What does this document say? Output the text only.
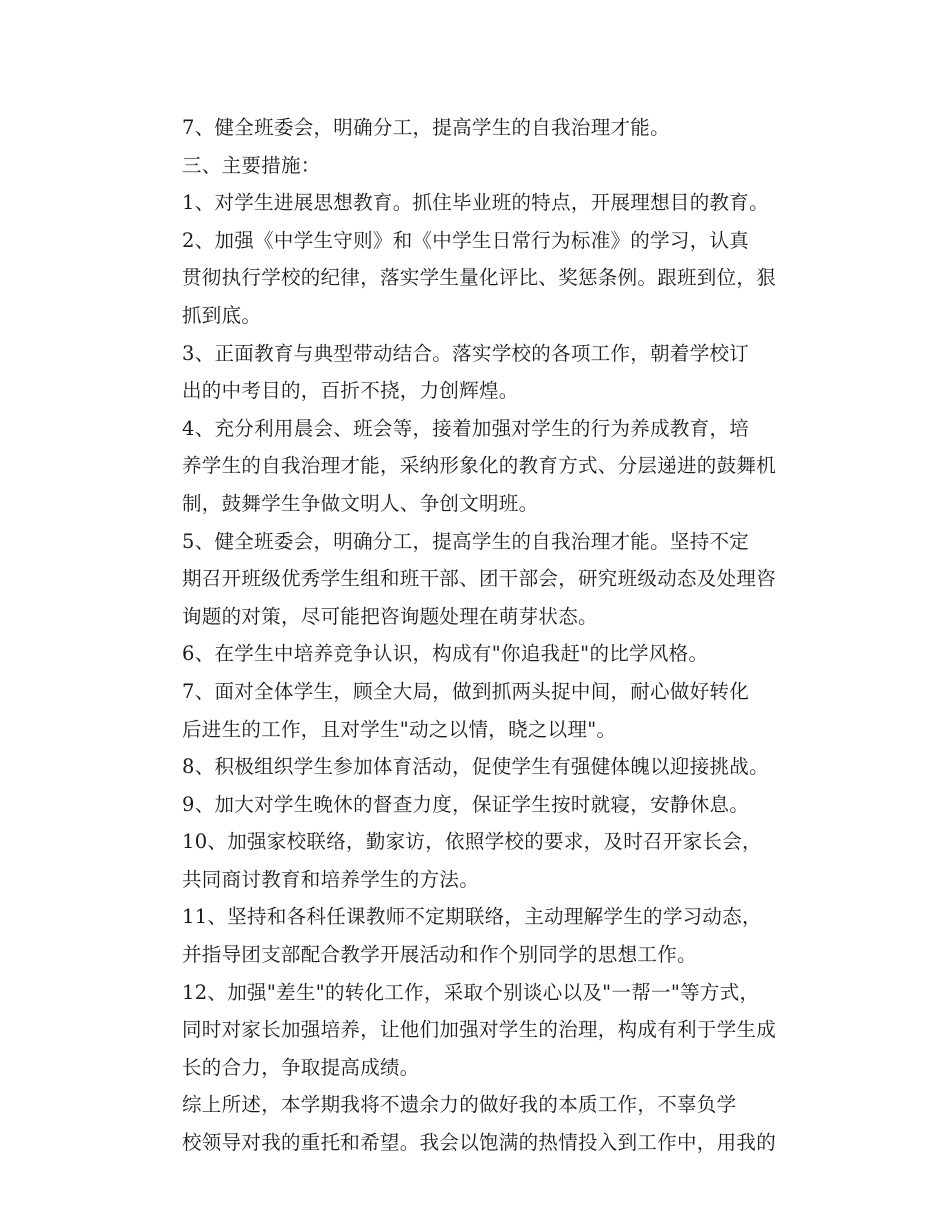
7、健全班委会，明确分工，提高学生的自我治理才能。

三、主要措施：

1、对学生进展思想教育。抓住毕业班的特点，开展理想目的教育。

2、加强《中学生守则》和《中学生日常行为标准》的学习，认真
贯彻执行学校的纪律，落实学生量化评比、奖惩条例。跟班到位，狠
抓到底。

3、正面教育与典型带动结合。落实学校的各项工作，朝着学校订
出的中考目的，百折不挠，力创辉煌。

4、充分利用晨会、班会等，接着加强对学生的行为养成教育，培
养学生的自我治理才能，采纳形象化的教育方式、分层递进的鼓舞机
制，鼓舞学生争做文明人、争创文明班。

5、健全班委会，明确分工，提高学生的自我治理才能。坚持不定
期召开班级优秀学生组和班干部、团干部会，研究班级动态及处理咨
询题的对策，尽可能把咨询题处理在萌芽状态。

6、在学生中培养竞争认识，构成有"你追我赶"的比学风格。

7、面对全体学生，顾全大局，做到抓两头捉中间，耐心做好转化
后进生的工作，且对学生"动之以情，晓之以理"。

8、积极组织学生参加体育活动，促使学生有强健体魄以迎接挑战。

9、加大对学生晚休的督查力度，保证学生按时就寝，安静休息。

10、加强家校联络，勤家访，依照学校的要求，及时召开家长会，
共同商讨教育和培养学生的方法。

11、坚持和各科任课教师不定期联络，主动理解学生的学习动态，
并指导团支部配合教学开展活动和作个别同学的思想工作。

12、加强"差生"的转化工作，采取个别谈心以及"一帮一"等方式，
同时对家长加强培养，让他们加强对学生的治理，构成有利于学生成
长的合力，争取提高成绩。

综上所述，本学期我将不遗余力的做好我的本质工作，不辜负学
校领导对我的重托和希望。我会以饱满的热情投入到工作中，用我的
